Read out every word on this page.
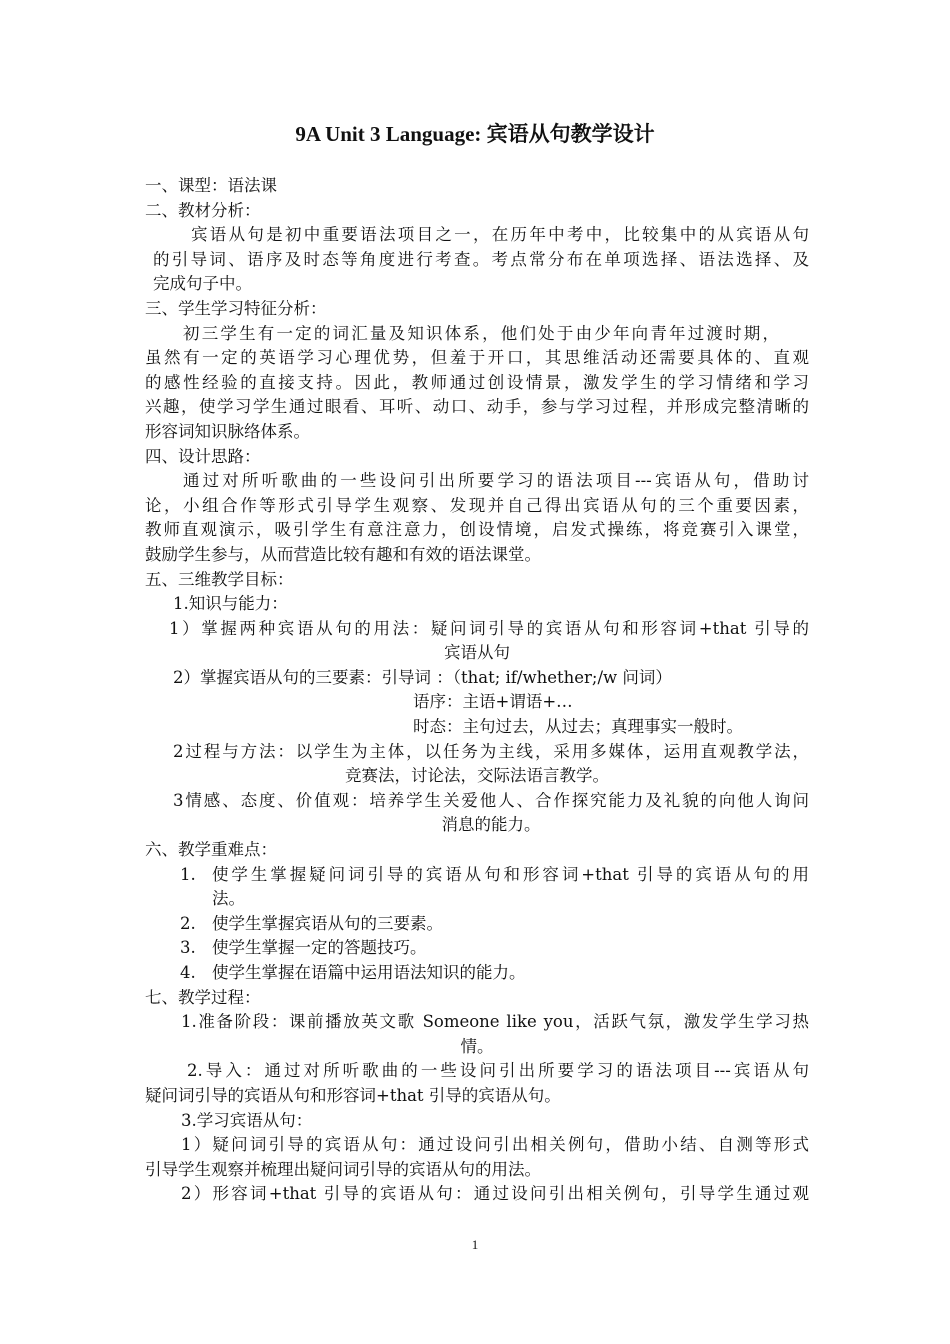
9A Unit 3 Language: 宾语从句教学设计
一、课型：语法课
二、教材分析：
宾语从句是初中重要语法项目之一，在历年中考中，比较集中的从宾语从句
的引导词、语序及时态等角度进行考查。考点常分布在单项选择、语法选择、及
完成句子中。
三、学生学习特征分析：
初三学生有一定的词汇量及知识体系，他们处于由少年向青年过渡时期，
虽然有一定的英语学习心理优势，但羞于开口，其思维活动还需要具体的、直观
的感性经验的直接支持。因此，教师通过创设情景，激发学生的学习情绪和学习
兴趣，使学习学生通过眼看、耳听、动口、动手，参与学习过程，并形成完整清晰的
形容词知识脉络体系。
四、设计思路：
通过对所听歌曲的一些设问引出所要学习的语法项目---宾语从句，借助讨
论，小组合作等形式引导学生观察、发现并自己得出宾语从句的三个重要因素，
教师直观演示，吸引学生有意注意力，创设情境，启发式操练，将竞赛引入课堂，
鼓励学生参与，从而营造比较有趣和有效的语法课堂。
五、三维教学目标：
1.知识与能力：
1）掌握两种宾语从句的用法：疑问词引导的宾语从句和形容词+that 引导的
宾语从句
2）掌握宾语从句的三要素：引导词 ：（that; if/whether;/w 问词）
语序：主语+谓语+…
时态：主句过去，从过去；真理事实一般时。
2过程与方法：以学生为主体，以任务为主线，采用多媒体，运用直观教学法，
竞赛法，讨论法，交际法语言教学。
3情感、态度、价值观：培养学生关爱他人、合作探究能力及礼貌的向他人询问
消息的能力。
六、教学重难点：
1. 使学生掌握疑问词引导的宾语从句和形容词+that 引导的宾语从句的用
法。
2. 使学生掌握宾语从句的三要素。
3. 使学生掌握一定的答题技巧。
4. 使学生掌握在语篇中运用语法知识的能力。
七、教学过程：
1.准备阶段：课前播放英文歌 Someone like you，活跃气氛，激发学生学习热
情。
2.导入：通过对所听歌曲的一些设问引出所要学习的语法项目---宾语从句
疑问词引导的宾语从句和形容词+that 引导的宾语从句。
3.学习宾语从句：
1）疑问词引导的宾语从句：通过设问引出相关例句，借助小结、自测等形式
引导学生观察并梳理出疑问词引导的宾语从句的用法。
2）形容词+that 引导的宾语从句：通过设问引出相关例句，引导学生通过观
1
